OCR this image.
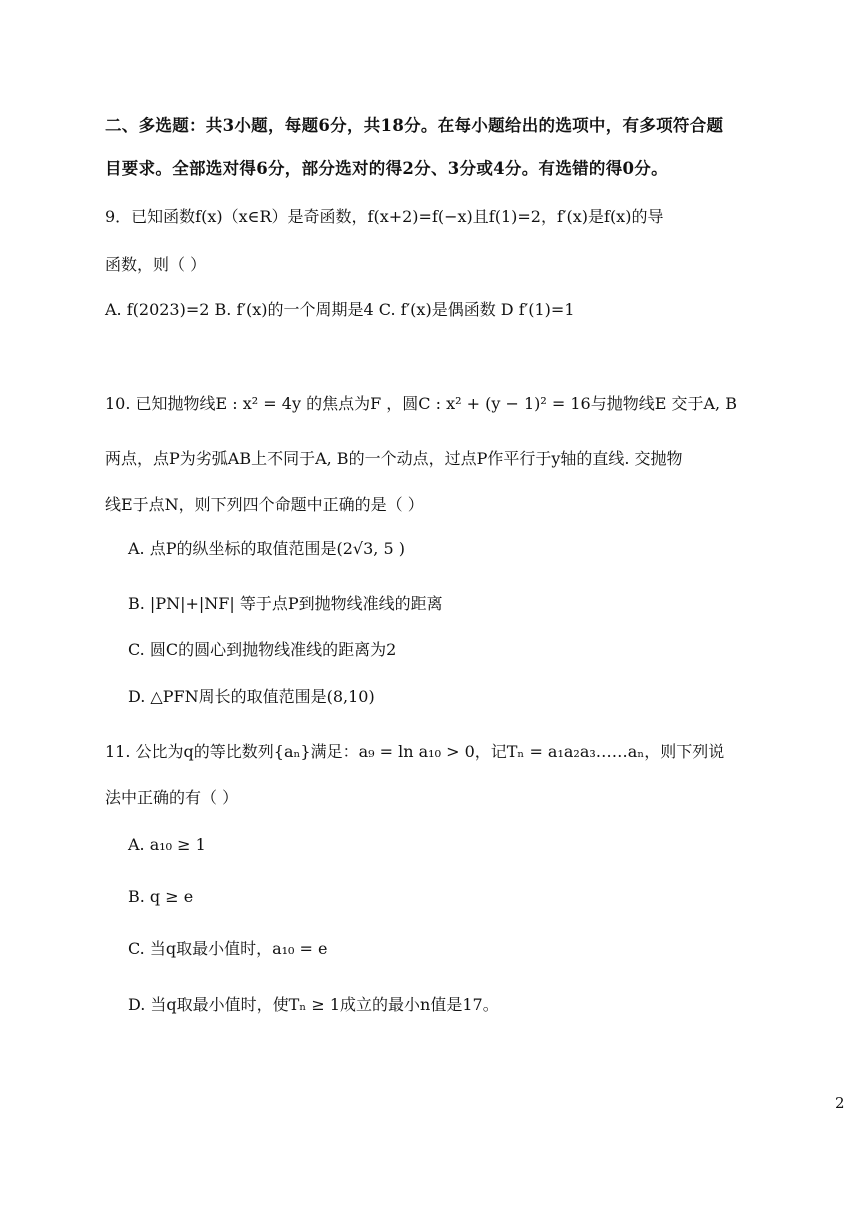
二、多选题：共3小题，每题6分，共18分。在每小题给出的选项中，有多项符合题
目要求。全部选对得6分，部分选对的得2分、3分或4分。有选错的得0分。
9．已知函数f(x)（x∈R）是奇函数，f(x+2)=f(−x)且f(1)=2，f′(x)是f(x)的导
函数，则（ ）
A. f(2023)=2 B. f′(x)的一个周期是4 C. f′(x)是偶函数 D f′(1)=1
10. 已知抛物线E : x² = 4y 的焦点为F ，圆C : x² + (y − 1)² = 16与抛物线E 交于A, B
两点，点P为劣弧AB上不同于A, B的一个动点，过点P作平行于y轴的直线. 交抛物
线E于点N，则下列四个命题中正确的是（ ）
A. 点P的纵坐标的取值范围是(2√3, 5 )
B. |PN|+|NF| 等于点P到抛物线准线的距离
C. 圆C的圆心到抛物线准线的距离为2
D. △PFN周长的取值范围是(8,10)
11. 公比为q的等比数列{aₙ}满足：a₉ = ln a₁₀ > 0，记Tₙ = a₁a₂a₃……aₙ，则下列说
法中正确的有（ ）
A. a₁₀ ≥ 1
B. q ≥ e
C. 当q取最小值时，a₁₀ = e
D. 当q取最小值时，使Tₙ ≥ 1成立的最小n值是17。
2
